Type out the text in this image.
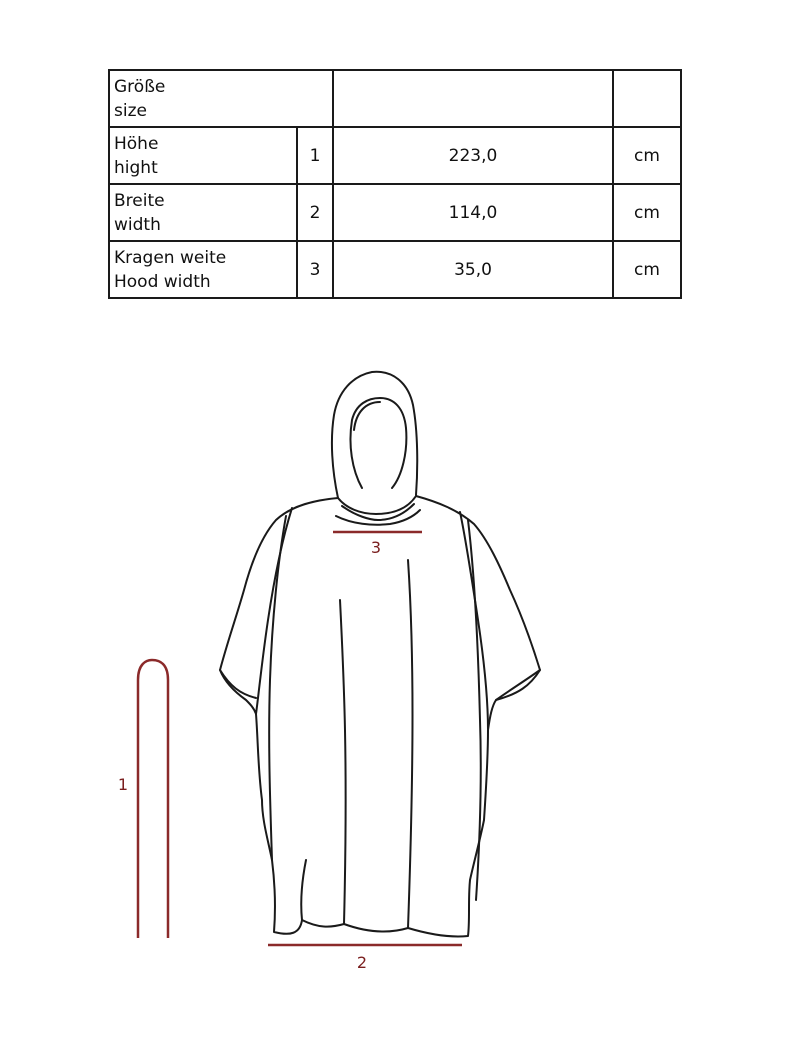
Größe
size			

Höhe
hight	1	223,0	cm

Breite
width	2	114,0	cm

Kragen weite
Hood width	3	35,0	cm
3
2
1
